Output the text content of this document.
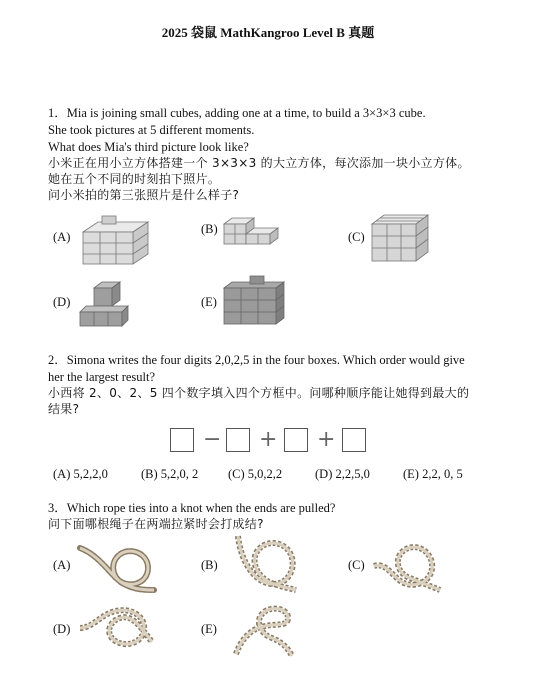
2025 袋鼠 MathKangroo Level B 真题
1．Mia is joining small cubes, adding one at a time, to build a 3×3×3 cube.
She took pictures at 5 different moments.
What does Mia's third picture look like?
小米正在用小立方体搭建一个 3×3×3 的大立方体，每次添加一块小立方体。
她在五个不同的时刻拍下照片。
问小米拍的第三张照片是什么样子?
(A)
(B)
(C)
(D)	(E)
2．Simona writes the four digits 2,0,2,5 in the four boxes. Which order would give
her the largest result?
小西将 2、0、2、5 四个数字填入四个方框中。问哪种顺序能让她得到最大的
结果?
− + +
(A) 5,2,2,0	(B) 5,2,0, 2 (C) 5,0,2,2	(D) 2,2,5,0	(E) 2,2, 0, 5
3．Which rope ties into a knot when the ends are pulled?
问下面哪根绳子在两端拉紧时会打成结?
(A)	(B)	(C)
(D)	(E)
